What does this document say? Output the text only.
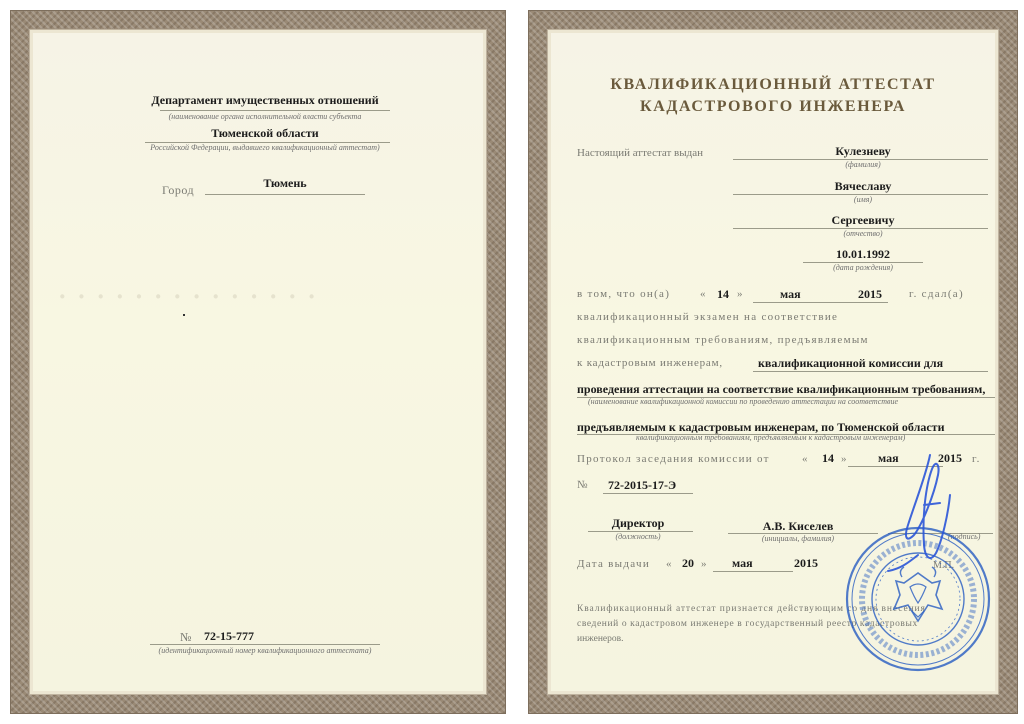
· · · · · · · · · · · · · ·
Департамент имущественных отношений
(наименование органа исполнительной власти субъекта
Тюменской области
Российской Федерации, выдавшего квалификационный аттестат)
Город	Тюмень
№ 72-15-777
(идентификационный номер квалификационного аттестата)
КВАЛИФИКАЦИОННЫЙ АТТЕСТАТ
КАДАСТРОВОГО ИНЖЕНЕРА
Настоящий аттестат выдан	Кулезневу
(фамилия)
Вячеславу
(имя)
Сергеевичу
(отчество)
10.01.1992
(дата рождения)
в том, что он(а)	« 14 »	мая	2015 г. сдал(а)
квалификационный экзамен на соответствие
квалификационным требованиям, предъявляемым
к кадастровым инженерам,	квалификационной комиссии для
проведения аттестации на соответствие квалификационным требованиям,
(наименование квалификационной комиссии по проведению аттестации на соответствие
предъявляемым к кадастровым инженерам, по Тюменской области
квалификационным требованиям, предъявляемым к кадастровым инженерам)
Протокол заседания комиссии от	« 14 »	мая	2015 г.
№ 72-2015-17-Э
Директор
(должность)
А.В. Киселев
(инициалы, фамилия)	(подпись)
Дата выдачи « 20 » мая	2015	М.П.
Квалификационный аттестат признается действующим со дня внесения
сведений о кадастровом инженере в государственный реестр кадастровых
инженеров.
